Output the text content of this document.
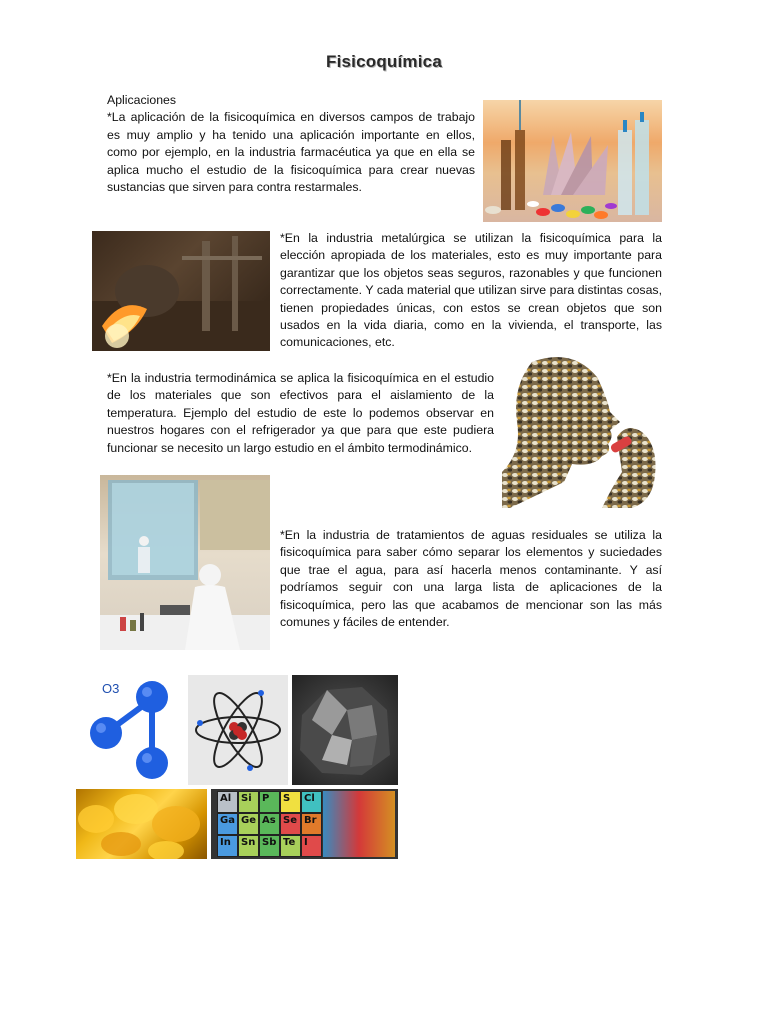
Fisicoquímica

Aplicaciones
*La aplicación de la fisicoquímica en diversos campos de trabajo es muy amplio y ha tenido una aplicación importante en ellos, como por ejemplo, en la industria farmacéutica ya que en ella se aplica mucho el estudio de la fisicoquímica para crear nuevas sustancias que sirven para contra restarmales.

*En la industria metalúrgica se utilizan la fisicoquímica para la elección apropiada de los materiales, esto es muy importante para garantizar que los objetos seas seguros, razonables y que funcionen correctamente. Y cada material que utilizan sirve para distintas cosas, tienen propiedades únicas, con estos se crean objetos que son usados en la vida diaria, como en la vivienda, el transporte, las comunicaciones, etc.

*En la industria termodinámica se aplica la fisicoquímica en el estudio de los materiales que son efectivos para el aislamiento de la temperatura. Ejemplo del estudio de este lo podemos observar en nuestros hogares con el refrigerador ya que para que este pudiera funcionar se necesito un largo estudio en el ámbito termodinámico.

*En la industria de tratamientos de aguas residuales se utiliza la fisicoquímica para saber cómo separar los elementos y suciedades que trae el agua, para así hacerla menos contaminante. Y así podríamos seguir con una larga lista de aplicaciones de la fisicoquímica, pero las que acabamos de mencionar son las más comunes y fáciles de entender.

O3
Al Si	P	S	Cl
Ga Ge As Se Br
In	Sn Sb Te I
